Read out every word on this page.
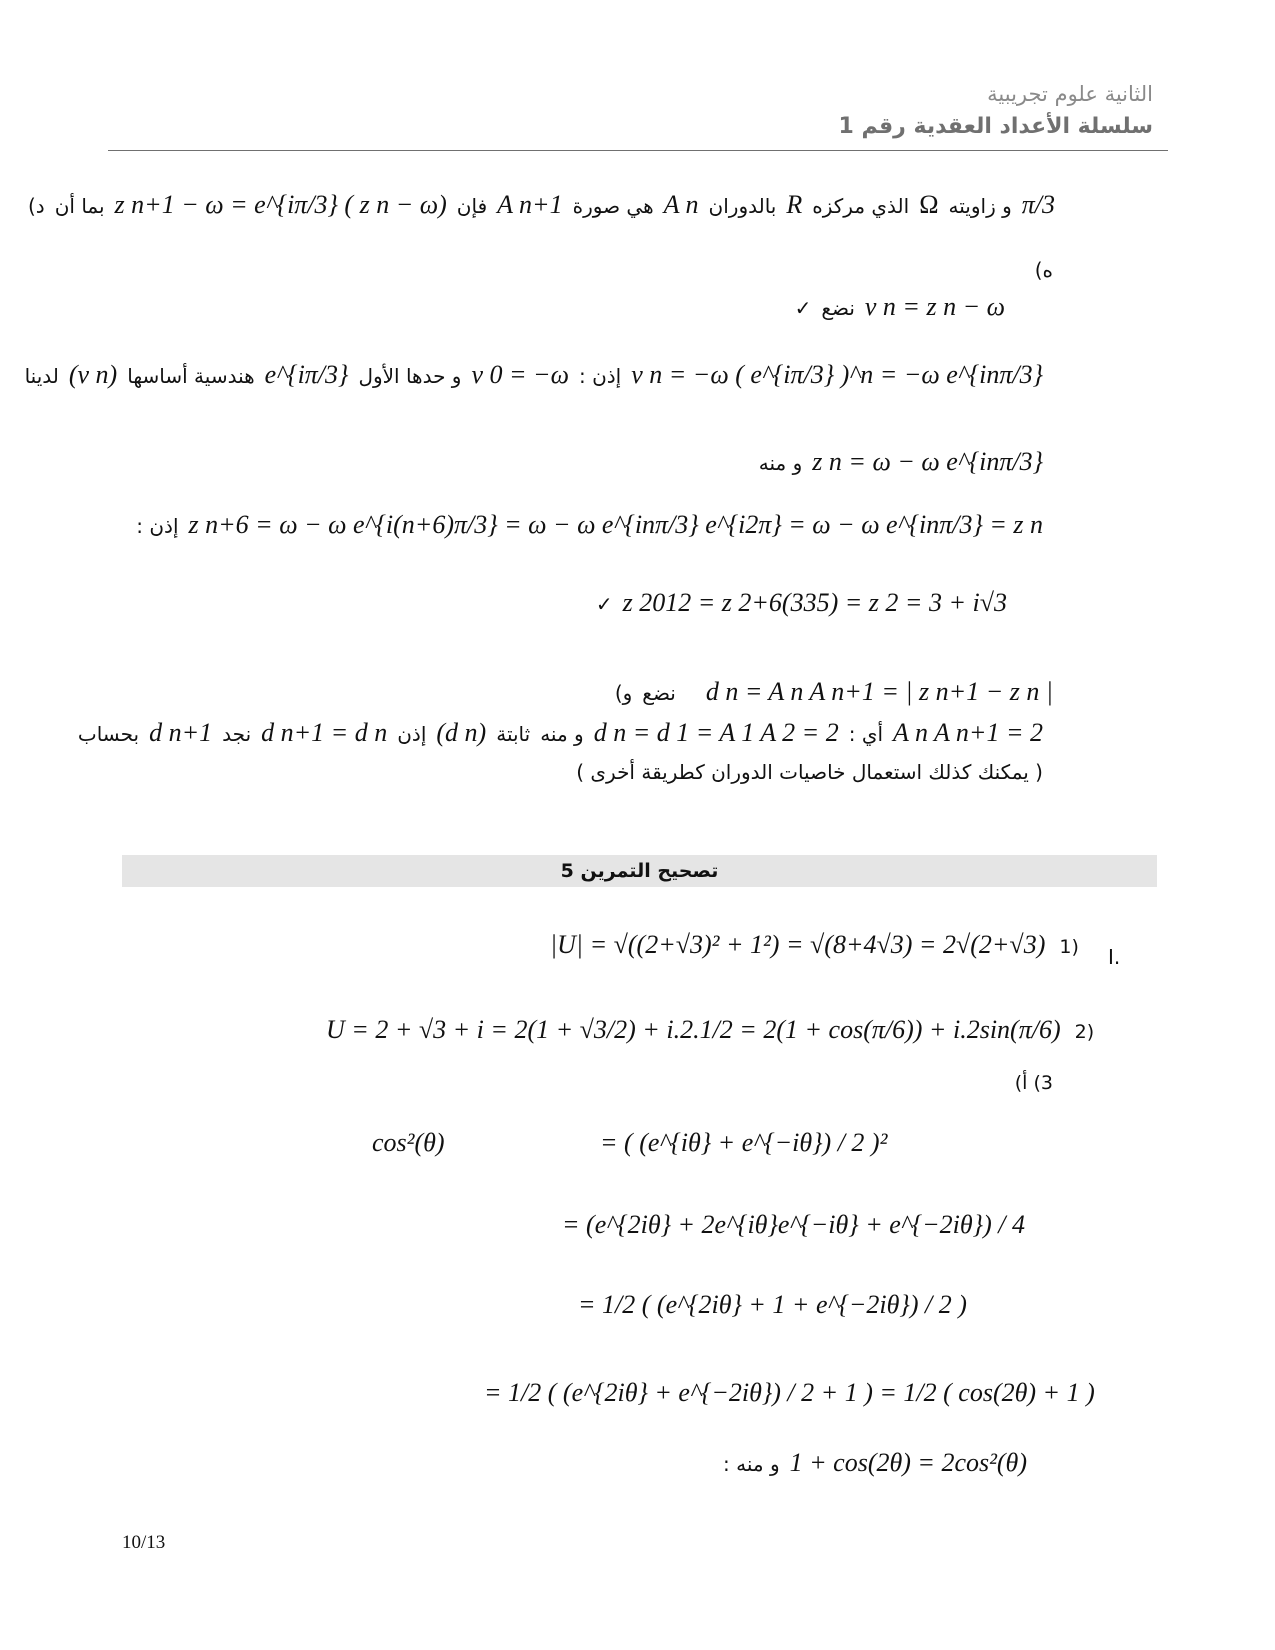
الثانية علوم تجريبية
سلسلة الأعداد العقدية رقم 1
د) بما أن z n+1 − ω = e^{iπ/3} ( z n − ω) فإن A n+1 هي صورة A n بالدوران R الذي مركزه Ω و زاويته π/3
ه)
✓ نضع v n = z n − ω
لدينا (v n) هندسية أساسها e^{iπ/3} و حدها الأول v 0 = −ω إذن : v n = −ω ( e^{iπ/3} )^n = −ω e^{inπ/3}
و منه z n = ω − ω e^{inπ/3}
إذن : z n+6 = ω − ω e^{i(n+6)π/3} = ω − ω e^{inπ/3} e^{i2π} = ω − ω e^{inπ/3} = z n
✓ z 2012 = z 2+6(335) = z 2 = 3 + i√3
و) نضع d n = A n A n+1 = | z n+1 − z n |
بحساب d n+1 نجد d n+1 = d n إذن (d n) ثابتة و منه d n = d 1 = A 1 A 2 = 2 أي : A n A n+1 = 2
( يمكنك كذلك استعمال خاصيات الدوران كطريقة أخرى )
تصحيح التمرين 5
I.
|U| = √((2+√3)² + 1²) = √(8+4√3) = 2√(2+√3) 1)
U = 2 + √3 + i = 2(1 + √3/2) + i.2.1/2 = 2(1 + cos(π/6)) + i.2sin(π/6) 2)
3) أ)
cos²(θ)	= ( (e^{iθ} + e^{−iθ}) / 2 )²
= (e^{2iθ} + 2e^{iθ}e^{−iθ} + e^{−2iθ}) / 4
= 1/2 ( (e^{2iθ} + 1 + e^{−2iθ}) / 2 )
= 1/2 ( (e^{2iθ} + e^{−2iθ}) / 2 + 1 ) = 1/2 ( cos(2θ) + 1 )
و منه : 1 + cos(2θ) = 2cos²(θ)
10/13
